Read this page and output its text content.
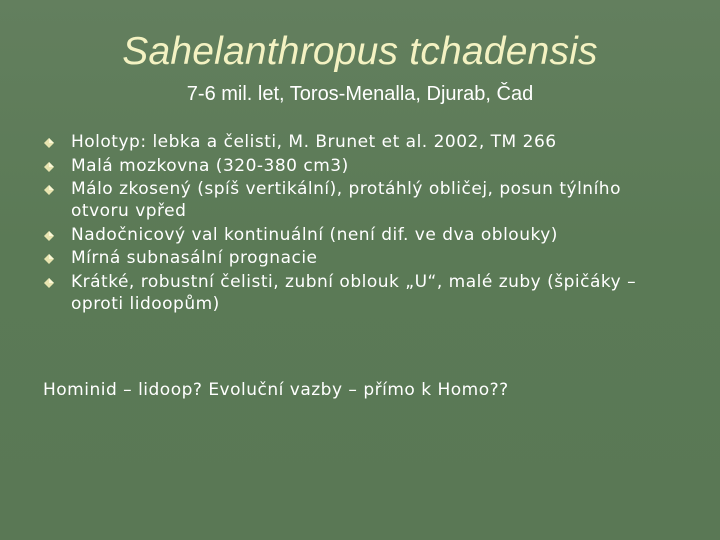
Sahelanthropus tchadensis
7-6 mil. let, Toros-Menalla, Djurab, Čad
Holotyp: lebka a čelisti, M. Brunet et al. 2002, TM 266
Malá mozkovna (320-380 cm3)
Málo zkosený (spíš vertikální), protáhlý obličej, posun týlního otvoru vpřed
Nadočnicový val kontinuální (není dif. ve dva oblouky)
Mírná subnasální prognacie
Krátké, robustní čelisti, zubní oblouk „U“, malé zuby (špičáky – oproti lidoopům)
Hominid – lidoop? Evoluční vazby – přímo k Homo??
